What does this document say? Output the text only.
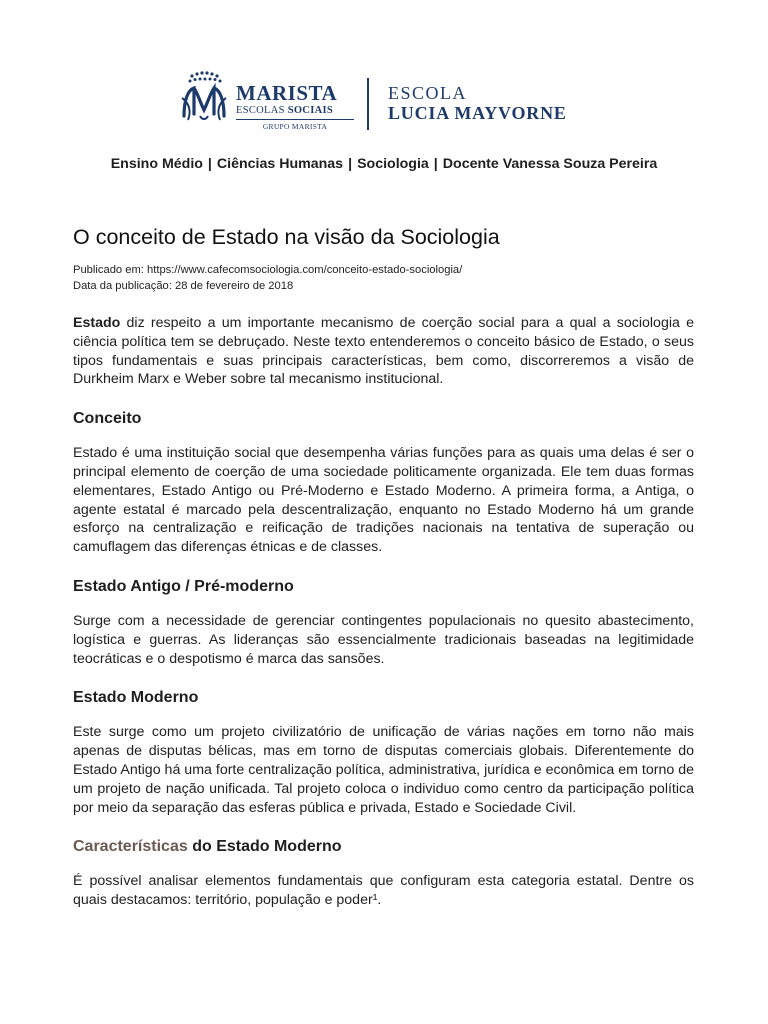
MARISTA
ESCOLAS SOCIAIS
GRUPO MARISTA
ESCOLA
LUCIA MAYVORNE
Ensino Médio | Ciências Humanas | Sociologia | Docente Vanessa Souza Pereira
O conceito de Estado na visão da Sociologia
Publicado em: https://www.cafecomsociologia.com/conceito-estado-sociologia/
Data da publicação: 28 de fevereiro de 2018

Estado diz respeito a um importante mecanismo de coerção social para a qual a sociologia e ciência política tem se debruçado. Neste texto entenderemos o conceito básico de Estado, o seus tipos fundamentais e suas principais características, bem como, discorreremos a visão de Durkheim Marx e Weber sobre tal mecanismo institucional.

Conceito

Estado é uma instituição social que desempenha várias funções para as quais uma delas é ser o principal elemento de coerção de uma sociedade politicamente organizada. Ele tem duas formas elementares, Estado Antigo ou Pré-Moderno e Estado Moderno. A primeira forma, a Antiga, o agente estatal é marcado pela descentralização, enquanto no Estado Moderno há um grande esforço na centralização e reificação de tradições nacionais na tentativa de superação ou camuflagem das diferenças étnicas e de classes.

Estado Antigo / Pré-moderno

Surge com a necessidade de gerenciar contingentes populacionais no quesito abastecimento, logística e guerras. As lideranças são essencialmente tradicionais baseadas na legitimidade teocráticas e o despotismo é marca das sansões.

Estado Moderno

Este surge como um projeto civilizatório de unificação de várias nações em torno não mais apenas de disputas bélicas, mas em torno de disputas comerciais globais. Diferentemente do Estado Antigo há uma forte centralização política, administrativa, jurídica e econômica em torno de um projeto de nação unificada. Tal projeto coloca o individuo como centro da participação política por meio da separação das esferas pública e privada, Estado e Sociedade Civil.

Características do Estado Moderno

É possível analisar elementos fundamentais que configuram esta categoria estatal. Dentre os quais destacamos: território, população e poder¹.
